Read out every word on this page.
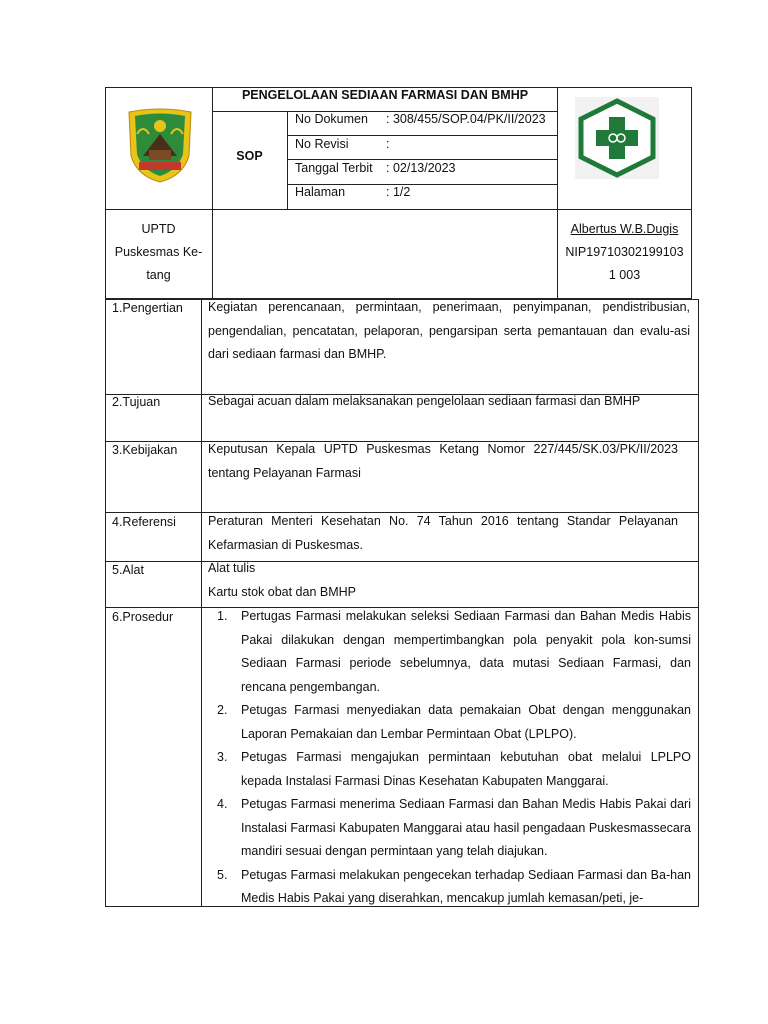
PENGELOLAAN SEDIAAN FARMASI DAN BMHP
SOP
No Dokumen : 308/455/SOP.04/PK/II/2023
No Revisi	:
Tanggal Terbit : 02/13/2023
Halaman	: 1/2
UPTD
Puskesmas Ke-
tang
Albertus W.B.Dugis
NIP19710302199103
1 003
1.Pengertian
2.Tujuan
3.Kebijakan
4.Referensi
5.Alat
6.Prosedur
Kegiatan perencanaan, permintaan, penerimaan, penyimpanan, pendistribusian, pengendalian, pencatatan, pelaporan, pengarsipan serta pemantauan dan evalu-asi dari sediaan farmasi dan BMHP.
Sebagai acuan dalam melaksanakan pengelolaan sediaan farmasi dan BMHP
Keputusan Kepala UPTD Puskesmas Ketang Nomor 227/445/SK.03/PK/II/2023 tentang Pelayanan Farmasi
Peraturan Menteri Kesehatan No. 74 Tahun 2016 tentang Standar Pelayanan Kefarmasian di Puskesmas.
Alat tulis
Kartu stok obat dan BMHP
1. Pertugas Farmasi melakukan seleksi Sediaan Farmasi dan Bahan Medis Habis Pakai dilakukan dengan mempertimbangkan pola penyakit pola kon-sumsi Sediaan Farmasi periode sebelumnya, data mutasi Sediaan Farmasi, dan rencana pengembangan.
2. Petugas Farmasi menyediakan data pemakaian Obat dengan menggunakan Laporan Pemakaian dan Lembar Permintaan Obat (LPLPO).
3. Petugas Farmasi mengajukan permintaan kebutuhan obat melalui LPLPO kepada Instalasi Farmasi Dinas Kesehatan Kabupaten Manggarai.
4. Petugas Farmasi menerima Sediaan Farmasi dan Bahan Medis Habis Pakai dari Instalasi Farmasi Kabupaten Manggarai atau hasil pengadaan Puskesmassecara mandiri sesuai dengan permintaan yang telah diajukan.
5. Petugas Farmasi melakukan pengecekan terhadap Sediaan Farmasi dan Ba-han Medis Habis Pakai yang diserahkan, mencakup jumlah kemasan/peti, je-
